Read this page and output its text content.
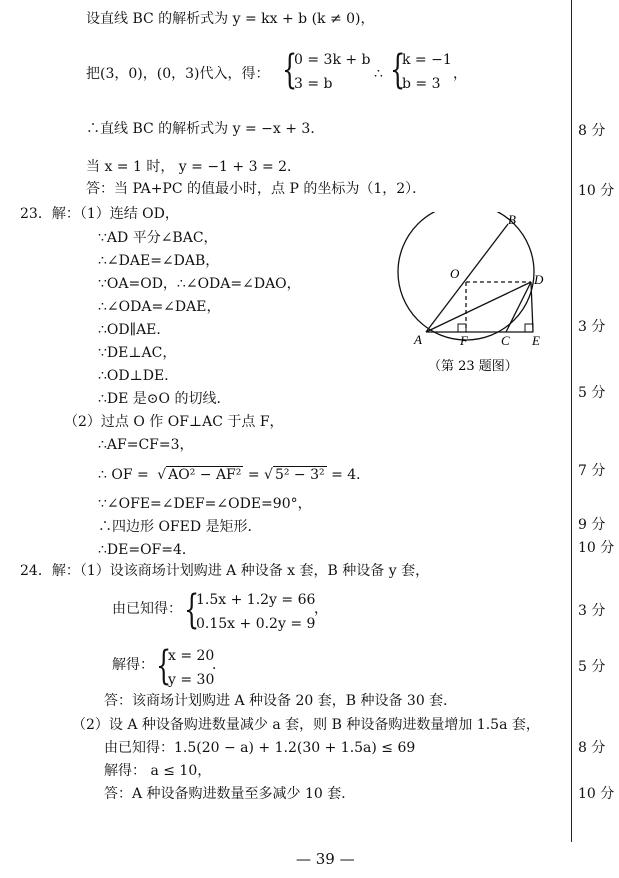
设直线 BC 的解析式为 y = kx + b (k ≠ 0)，
把(3，0)，(0，3)代入，得： {
0 = 3k + b
3 = b
∴ {
k = −1
b = 3
，
∴直线 BC 的解析式为 y = −x + 3．	8 分
当 x = 1 时， y = −1 + 3 = 2．
答：当 PA+PC 的值最小时，点 P 的坐标为（1，2）．	10 分
23．解：（1）连结 OD，
∵AD 平分∠BAC，
∴∠DAE=∠DAB，
∵OA=OD，∴∠ODA=∠DAO，
∴∠ODA=∠DAE，
∴OD∥AE．	3 分
∵DE⊥AC，
∴OD⊥DE．
∴DE 是⊙O 的切线．	5 分
（2）过点 O 作 OF⊥AC 于点 F，
∴AF=CF=3，
∴ OF = √ AO² − AF² = √ 5² − 3² = 4．	7 分
∵∠OFE=∠DEF=∠ODE=90°，
∴四边形 OFED 是矩形．	9 分
∴DE=OF=4．	10 分
B
O	D
A	F	C E
（第 23 题图）
24．解：（1）设该商场计划购进 A 种设备 x 套，B 种设备 y 套，
由已知得： {
1.5x + 1.2y = 66
0.15x + 0.2y = 9
，	3 分
解得： {
x = 20
y = 30
．	5 分
答：该商场计划购进 A 种设备 20 套，B 种设备 30 套．
（2）设 A 种设备购进数量减少 a 套，则 B 种设备购进数量增加 1.5a 套，
由已知得：1.5(20 − a) + 1.2(30 + 1.5a) ≤ 69	8 分
解得： a ≤ 10，
答：A 种设备购进数量至多减少 10 套．	10 分
— 39 —
